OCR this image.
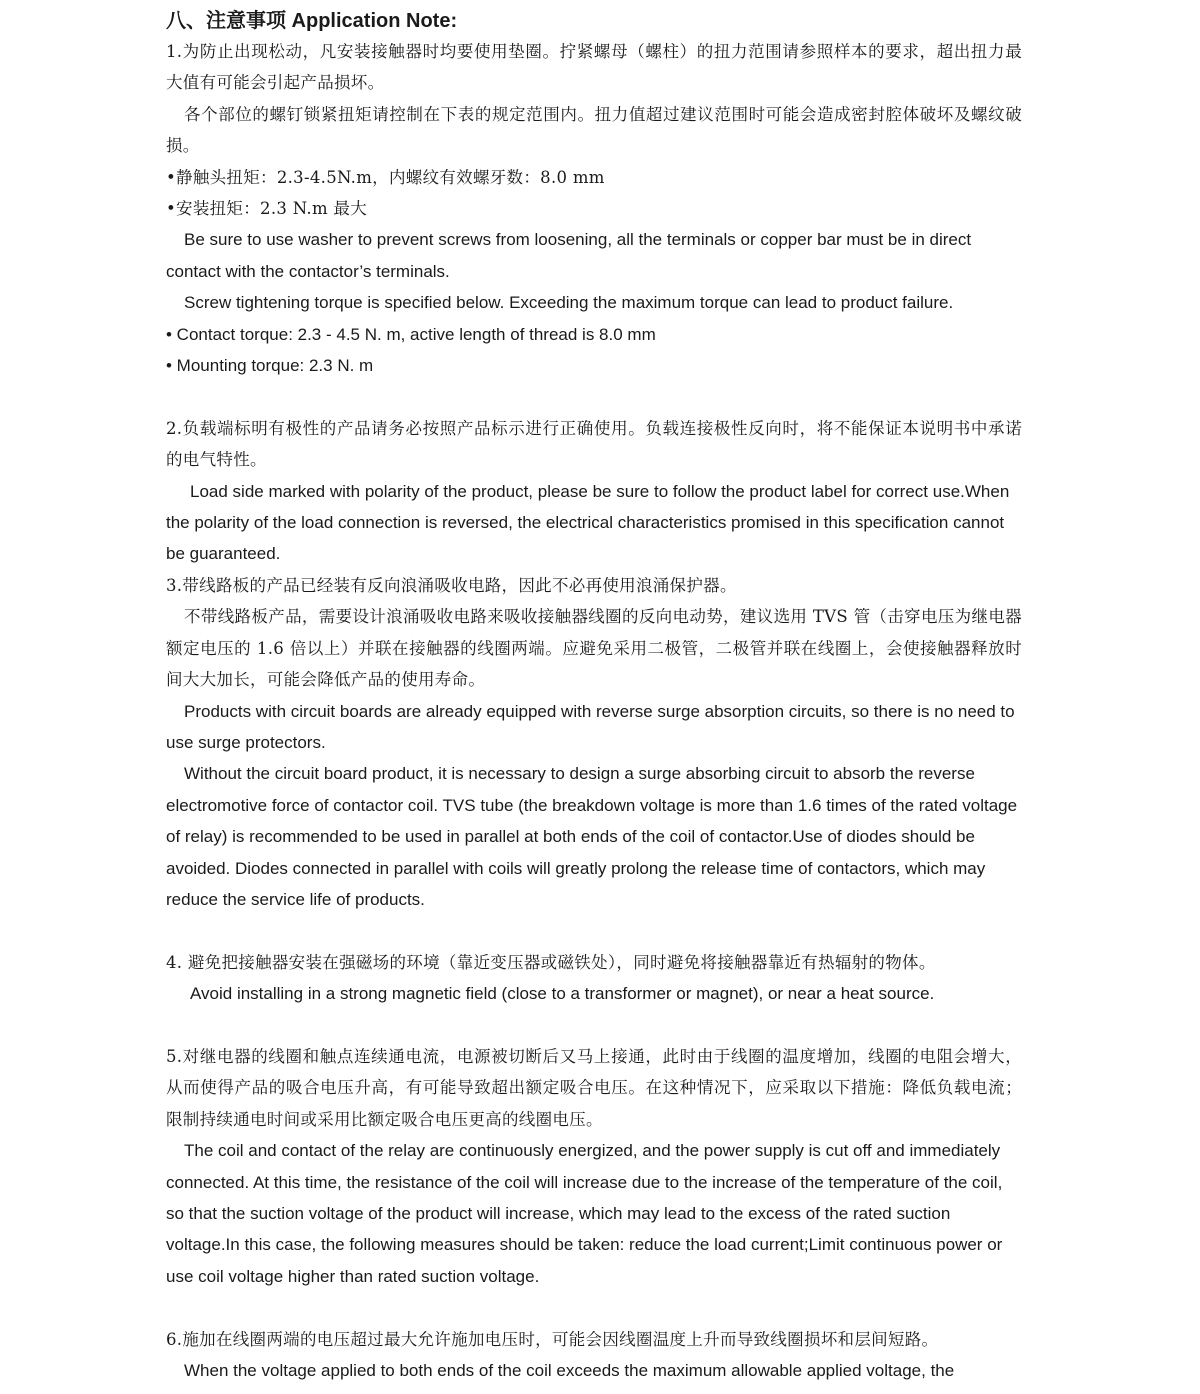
八、注意事项 Application Note:

1.为防止出现松动，凡安装接触器时均要使用垫圈。拧紧螺母（螺柱）的扭力范围请参照样本的要求，超出扭力最大值有可能会引起产品损坏。

各个部位的螺钉锁紧扭矩请控制在下表的规定范围内。扭力值超过建议范围时可能会造成密封腔体破坏及螺纹破损。

•静触头扭矩：2.3-4.5N.m，内螺纹有效螺牙数：8.0 mm

•安装扭矩：2.3 N.m 最大

Be sure to use washer to prevent screws from loosening, all the terminals or copper bar must be in direct contact with the contactor’s terminals.

Screw tightening torque is specified below. Exceeding the maximum torque can lead to product failure.

• Contact torque: 2.3 - 4.5 N. m, active length of thread is 8.0 mm

• Mounting torque: 2.3 N. m

2.负载端标明有极性的产品请务必按照产品标示进行正确使用。负载连接极性反向时，将不能保证本说明书中承诺的电气特性。

Load side marked with polarity of the product, please be sure to follow the product label for correct use.When the polarity of the load connection is reversed, the electrical characteristics promised in this specification cannot be guaranteed.

3.带线路板的产品已经装有反向浪涌吸收电路，因此不必再使用浪涌保护器。

不带线路板产品，需要设计浪涌吸收电路来吸收接触器线圈的反向电动势，建议选用 TVS 管（击穿电压为继电器额定电压的 1.6 倍以上）并联在接触器的线圈两端。应避免采用二极管，二极管并联在线圈上，会使接触器释放时间大大加长，可能会降低产品的使用寿命。

Products with circuit boards are already equipped with reverse surge absorption circuits, so there is no need to use surge protectors.

Without the circuit board product, it is necessary to design a surge absorbing circuit to absorb the reverse electromotive force of contactor coil. TVS tube (the breakdown voltage is more than 1.6 times of the rated voltage of relay) is recommended to be used in parallel at both ends of the coil of contactor.Use of diodes should be avoided. Diodes connected in parallel with coils will greatly prolong the release time of contactors, which may reduce the service life of products.

4. 避免把接触器安装在强磁场的环境（靠近变压器或磁铁处），同时避免将接触器靠近有热辐射的物体。

Avoid installing in a strong magnetic field (close to a transformer or magnet), or near a heat source.

5.对继电器的线圈和触点连续通电流，电源被切断后又马上接通，此时由于线圈的温度增加，线圈的电阻会增大，从而使得产品的吸合电压升高，有可能导致超出额定吸合电压。在这种情况下，应采取以下措施：降低负载电流；限制持续通电时间或采用比额定吸合电压更高的线圈电压。

The coil and contact of the relay are continuously energized, and the power supply is cut off and immediately connected. At this time, the resistance of the coil will increase due to the increase of the temperature of the coil, so that the suction voltage of the product will increase, which may lead to the excess of the rated suction voltage.In this case, the following measures should be taken: reduce the load current;Limit continuous power or use coil voltage higher than rated suction voltage.

6.施加在线圈两端的电压超过最大允许施加电压时，可能会因线圈温度上升而导致线圈损坏和层间短路。

When the voltage applied to both ends of the coil exceeds the maximum allowable applied voltage, the
